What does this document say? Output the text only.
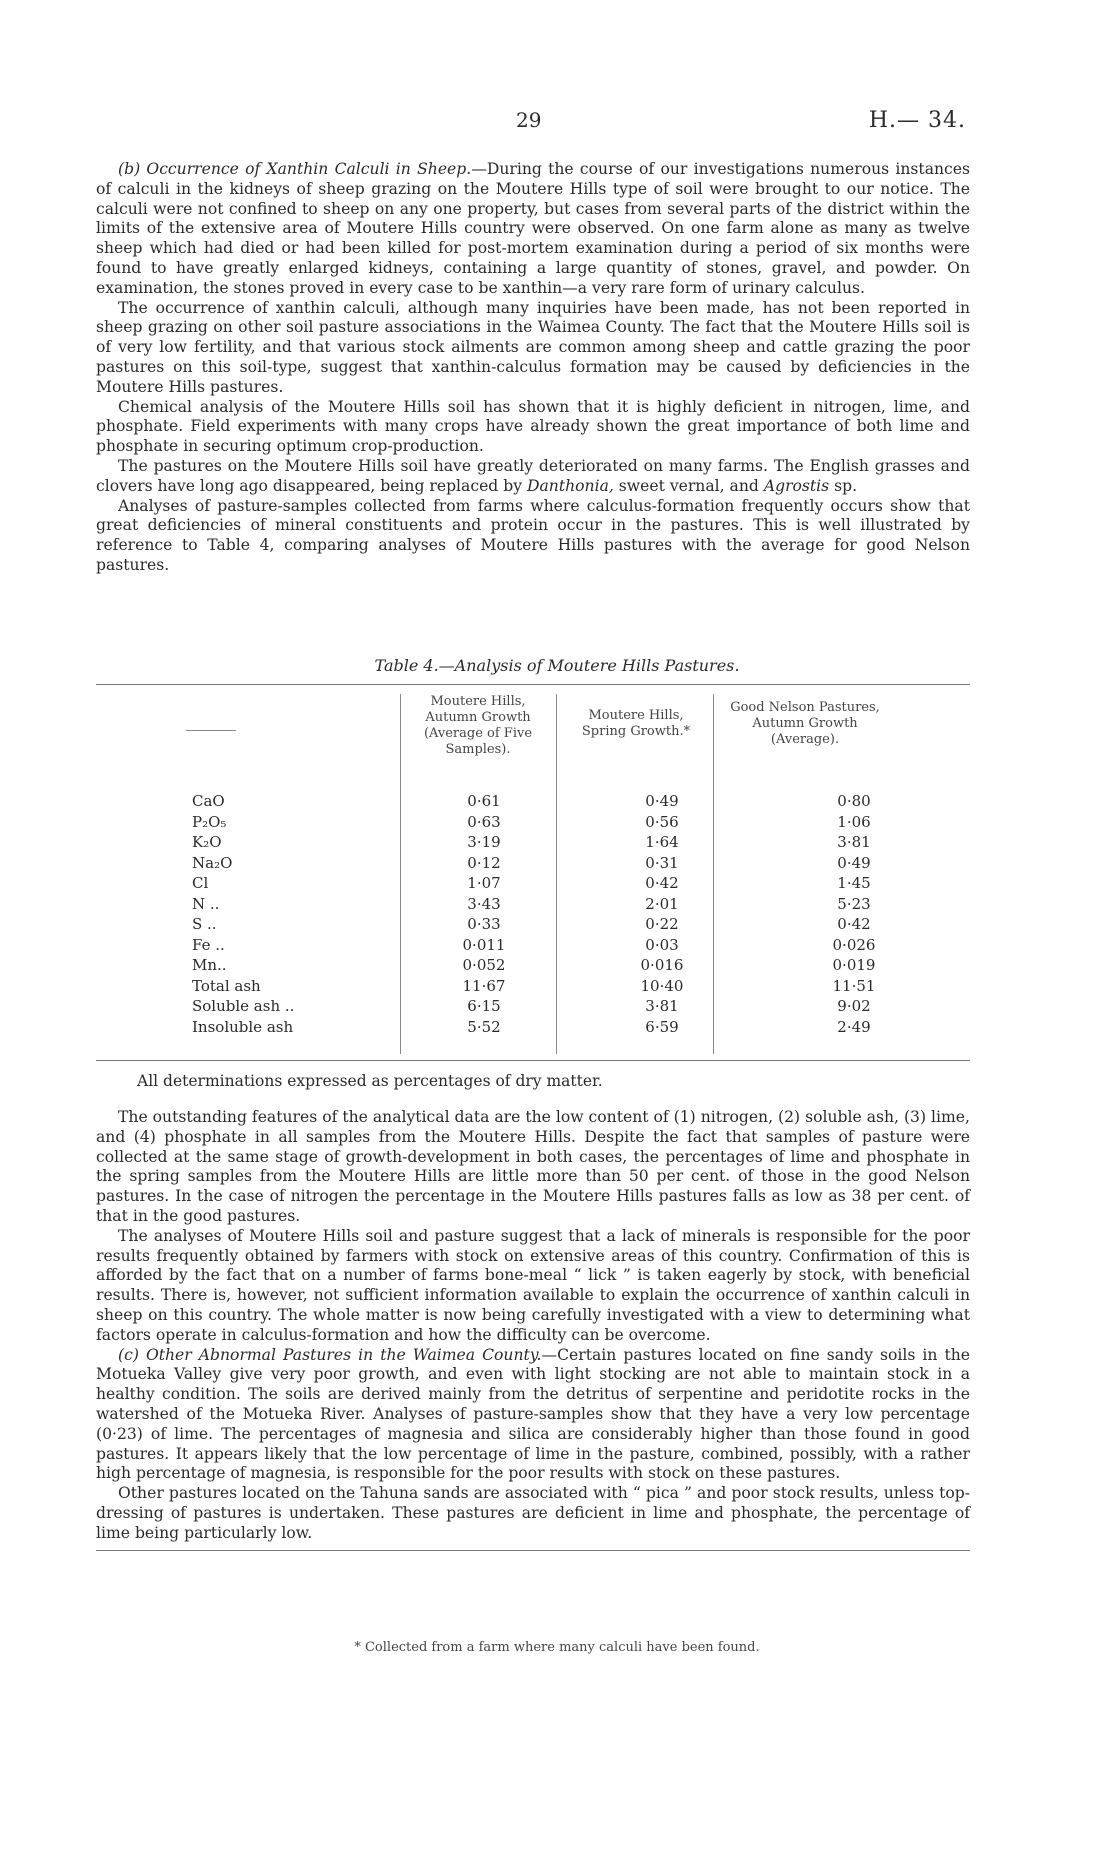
29	H.— 34.

(b) Occurrence of Xanthin Calculi in Sheep.—During the course of our investigations numerous instances of calculi in the kidneys of sheep grazing on the Moutere Hills type of soil were brought to our notice. The calculi were not confined to sheep on any one property, but cases from several parts of the district within the limits of the extensive area of Moutere Hills country were observed. On one farm alone as many as twelve sheep which had died or had been killed for post-mortem examination during a period of six months were found to have greatly enlarged kidneys, containing a large quantity of stones, gravel, and powder. On examination, the stones proved in every case to be xanthin—a very rare form of urinary calculus.

The occurrence of xanthin calculi, although many inquiries have been made, has not been reported in sheep grazing on other soil pasture associations in the Waimea County. The fact that the Moutere Hills soil is of very low fertility, and that various stock ailments are common among sheep and cattle grazing the poor pastures on this soil-type, suggest that xanthin-calculus formation may be caused by deficiencies in the Moutere Hills pastures.

Chemical analysis of the Moutere Hills soil has shown that it is highly deficient in nitrogen, lime, and phosphate. Field experiments with many crops have already shown the great importance of both lime and phosphate in securing optimum crop-production.

The pastures on the Moutere Hills soil have greatly deteriorated on many farms. The English grasses and clovers have long ago disappeared, being replaced by Danthonia, sweet vernal, and Agrostis sp.

Analyses of pasture-samples collected from farms where calculus-formation frequently occurs show that great deficiencies of mineral constituents and protein occur in the pastures. This is well illustrated by reference to Table 4, comparing analyses of Moutere Hills pastures with the average for good Nelson pastures.

Table 4.—Analysis of Moutere Hills Pastures.
Moutere Hills, Autumn Growth (Average of Five Samples).
Moutere Hills, Spring Growth.*
Good Nelson Pastures, Autumn Growth (Average).
CaO	0·61	0·49	0·80
P₂O₅	0·63	0·56	1·06
K₂O	3·19	1·64	3·81
Na₂O	0·12	0·31	0·49
Cl	1·07	0·42	1·45
N ..	3·43	2·01	5·23
S ..	0·33	0·22	0·42
Fe ..	0·011	0·03	0·026
Mn..	0·052	0·016	0·019
Total ash	11·67	10·40	11·51
Soluble ash ..	6·15	3·81	9·02
Insoluble ash	5·52	6·59	2·49
All determinations expressed as percentages of dry matter.

The outstanding features of the analytical data are the low content of (1) nitrogen, (2) soluble ash, (3) lime, and (4) phosphate in all samples from the Moutere Hills. Despite the fact that samples of pasture were collected at the same stage of growth-development in both cases, the percentages of lime and phosphate in the spring samples from the Moutere Hills are little more than 50 per cent. of those in the good Nelson pastures. In the case of nitrogen the percentage in the Moutere Hills pastures falls as low as 38 per cent. of that in the good pastures.

The analyses of Moutere Hills soil and pasture suggest that a lack of minerals is responsible for the poor results frequently obtained by farmers with stock on extensive areas of this country. Confirmation of this is afforded by the fact that on a number of farms bone-meal “ lick ” is taken eagerly by stock, with beneficial results. There is, however, not sufficient information available to explain the occurrence of xanthin calculi in sheep on this country. The whole matter is now being carefully investigated with a view to determining what factors operate in calculus-formation and how the difficulty can be overcome.

(c) Other Abnormal Pastures in the Waimea County.—Certain pastures located on fine sandy soils in the Motueka Valley give very poor growth, and even with light stocking are not able to maintain stock in a healthy condition. The soils are derived mainly from the detritus of serpentine and peridotite rocks in the watershed of the Motueka River. Analyses of pasture-samples show that they have a very low percentage (0·23) of lime. The percentages of magnesia and silica are considerably higher than those found in good pastures. It appears likely that the low percentage of lime in the pasture, combined, possibly, with a rather high percentage of magnesia, is responsible for the poor results with stock on these pastures.

Other pastures located on the Tahuna sands are associated with “ pica ” and poor stock results, unless top-dressing of pastures is undertaken. These pastures are deficient in lime and phosphate, the percentage of lime being particularly low.

* Collected from a farm where many calculi have been found.
